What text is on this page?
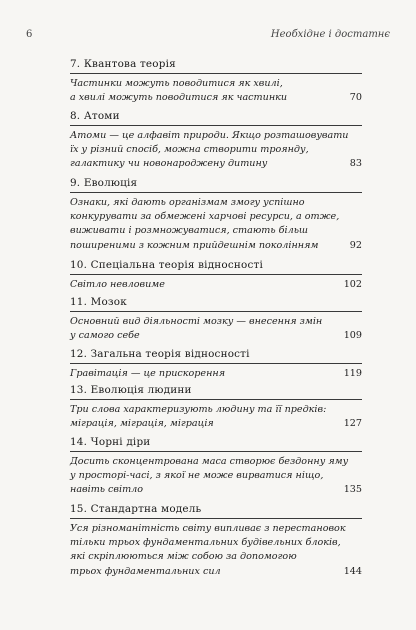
6	Необхідне і достатнє
7. Квантова теорія
Частинки можуть поводитися як хвилі,
а хвилі можуть поводитися як частинки	70
8. Атоми
Атоми — це алфавіт природи. Якщо розташовувати
їх у різний спосіб, можна створити троянду,
галактику чи новонароджену дитину	83
9. Еволюція
Ознаки, які дають організмам змогу успішно
конкурувати за обмежені харчові ресурси, а отже,
виживати і розмножуватися, стають більш
поширеними з кожним прийдешнім поколінням	92
10. Спеціальна теорія відносності
Світло невловиме	102
11. Мозок
Основний вид діяльності мозку — внесення змін
у самого себе	109
12. Загальна теорія відносності
Гравітація — це прискорення	119
13. Еволюція людини
Три слова характеризують людину та її предків:
міграція, міграція, міграція	127
14. Чорні діри
Досить сконцентрована маса створює бездонну яму
у просторі-часі, з якої не може вирватися ніщо,
навіть світло	135
15. Стандартна модель
Уся різноманітність світу випливає з перестановок
тільки трьох фундаментальних будівельних блоків,
які скріплюються між собою за допомогою
трьох фундаментальних сил	144
